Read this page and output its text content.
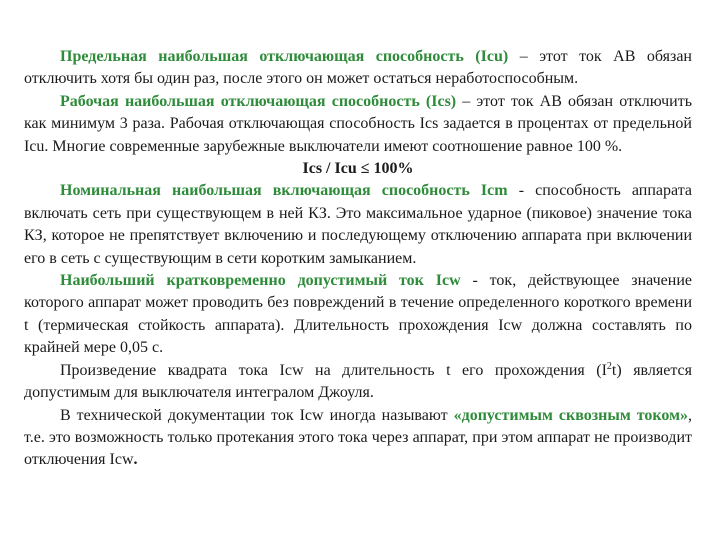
Предельная наибольшая отключающая способность (Icu) – этот ток АВ обязан отключить хотя бы один раз, после этого он может остаться неработоспособным.

Рабочая наибольшая отключающая способность (Ics) – этот ток АВ обязан отключить как минимум 3 раза. Рабочая отключающая способность Ics задается в процентах от предельной Icu. Многие современные зарубежные выключатели имеют соотношение равное 100 %.

Ics / Icu ≤ 100%

Номинальная наибольшая включающая способность Icm - способность аппарата включать сеть при существующем в ней КЗ. Это максимальное ударное (пиковое) значение тока КЗ, которое не препятствует включению и последующему отключению аппарата при включении его в сеть с существующим в сети коротким замыканием.

Наибольший кратковременно допустимый ток Icw - ток, действующее значение которого аппарат может проводить без повреждений в течение определенного короткого времени t (термическая стойкость аппарата). Длительность прохождения Icw должна составлять по крайней мере 0,05 с.

Произведение квадрата тока Icw на длительность t его прохождения $(I^2t)$ является допустимым для выключателя интегралом Джоуля.

В технической документации ток Icw иногда называют «допустимым сквозным током», т.е. это возможность только протекания этого тока через аппарат, при этом аппарат не производит отключения Icw.
